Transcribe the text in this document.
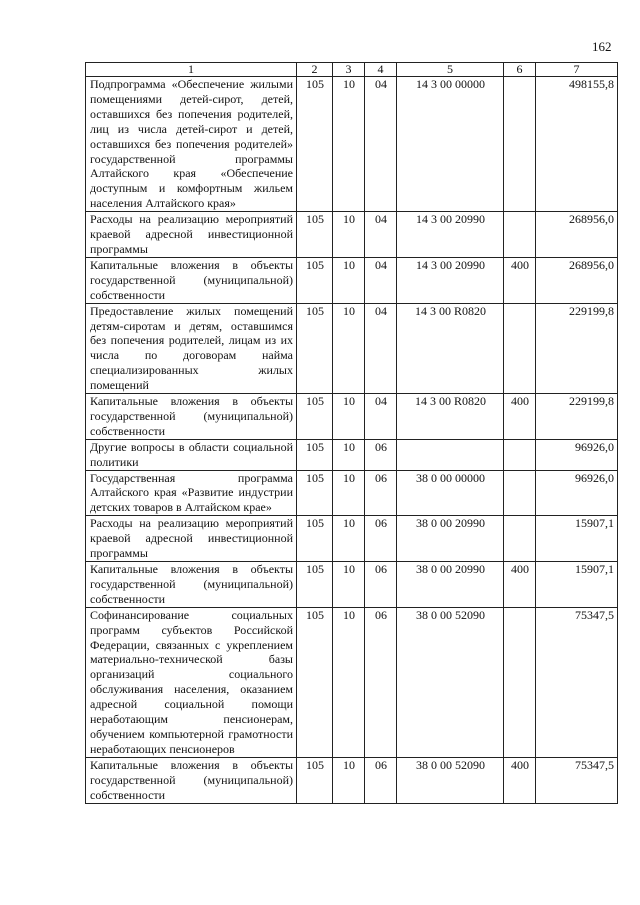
162
1	2	3	4	5	6	7
Подпрограмма «Обеспечение жилыми помещениями детей-сирот, детей, оставшихся без попечения родителей, лиц из числа детей-сирот и детей, оставшихся без попечения родителей» государственной программы Алтайского края «Обеспечение доступным и комфортным жильем населения Алтайского края»	105	10	04	14 3 00 00000		498155,8
Расходы на реализацию мероприятий краевой адресной инвестиционной программы	105	10	04	14 3 00 20990		268956,0
Капитальные вложения в объекты государственной (муниципальной) собственности	105	10	04	14 3 00 20990	400	268956,0
Предоставление жилых помещений детям-сиротам и детям, оставшимся без попечения родителей, лицам из их числа по договорам найма специализированных жилых помещений	105	10	04	14 3 00 R0820		229199,8
Капитальные вложения в объекты государственной (муниципальной) собственности	105	10	04	14 3 00 R0820	400	229199,8
Другие вопросы в области социальной политики	105	10	06			96926,0
Государственная программа Алтайского края «Развитие индустрии детских товаров в Алтайском крае»	105	10	06	38 0 00 00000		96926,0
Расходы на реализацию мероприятий краевой адресной инвестиционной программы	105	10	06	38 0 00 20990		15907,1
Капитальные вложения в объекты государственной (муниципальной) собственности	105	10	06	38 0 00 20990	400	15907,1
Софинансирование социальных программ субъектов Российской Федерации, связанных с укреплением материально-технической базы организаций социального обслуживания населения, оказанием адресной социальной помощи неработающим пенсионерам, обучением компьютерной грамотности неработающих пенсионеров	105	10	06	38 0 00 52090		75347,5
Капитальные вложения в объекты государственной (муниципальной) собственности	105	10	06	38 0 00 52090	400	75347,5
